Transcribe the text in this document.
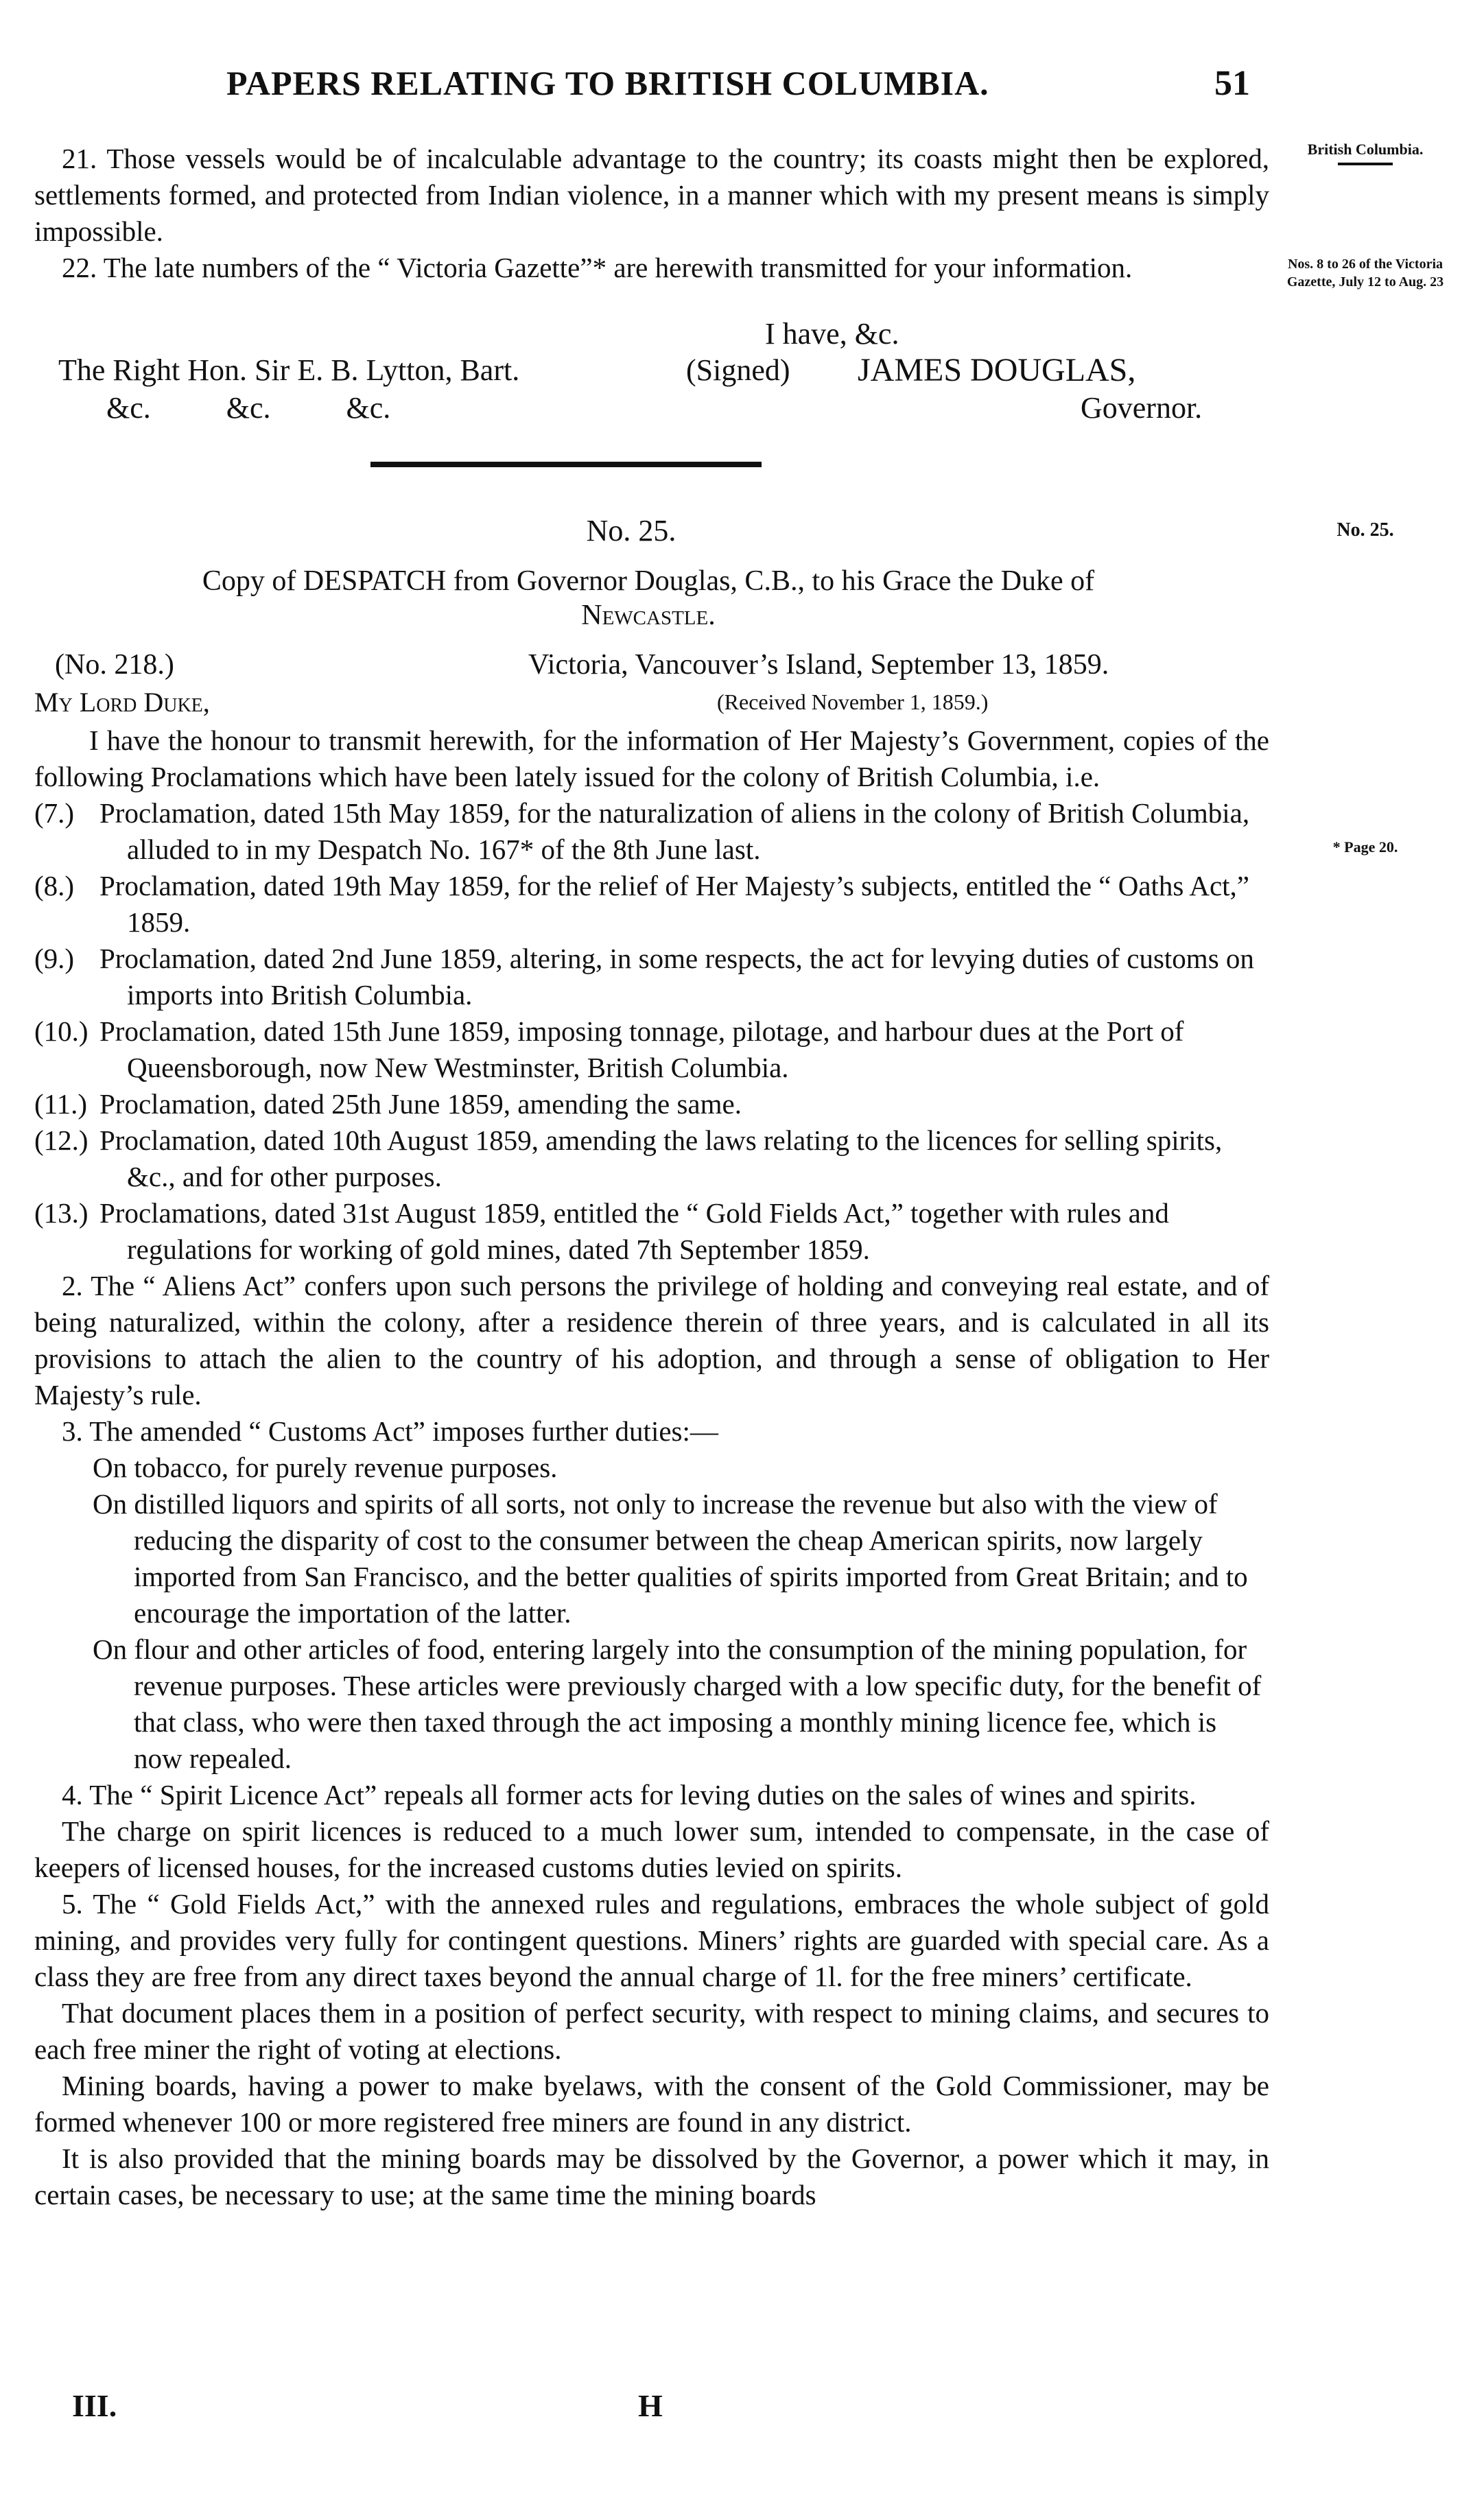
PAPERS RELATING TO BRITISH COLUMBIA.	51
British Columbia.
Nos. 8 to 26 of the Victoria Gazette, July 12 to Aug. 23
No. 25.
* Page 20.

21. Those vessels would be of incalculable advantage to the country; its coasts might then be explored, settlements formed, and protected from Indian violence, in a manner which with my present means is simply impossible.

22. The late numbers of the “ Victoria Gazette”* are herewith transmitted for your information.

I have, &c.
The Right Hon. Sir E. B. Lytton, Bart.	(Signed) JAMES DOUGLAS,
&c.          &c.          &c.	Governor.
No. 25.
Copy of DESPATCH from Governor Douglas, C.B., to his Grace the Duke of
Newcastle.
(No. 218.)	Victoria, Vancouver’s Island, September 13, 1859.
My Lord Duke,	(Received November 1, 1859.)

I have the honour to transmit herewith, for the information of Her Majesty’s Government, copies of the following Proclamations which have been lately issued for the colony of British Columbia, i.e.

(7.) Proclamation, dated 15th May 1859, for the naturalization of aliens in the colony of British Columbia, alluded to in my Despatch No. 167* of the 8th June last.

(8.) Proclamation, dated 19th May 1859, for the relief of Her Majesty’s subjects, entitled the “ Oaths Act,” 1859.

(9.) Proclamation, dated 2nd June 1859, altering, in some respects, the act for levying duties of customs on imports into British Columbia.

(10.) Proclamation, dated 15th June 1859, imposing tonnage, pilotage, and harbour dues at the Port of Queensborough, now New Westminster, British Columbia.

(11.) Proclamation, dated 25th June 1859, amending the same.

(12.) Proclamation, dated 10th August 1859, amending the laws relating to the licences for selling spirits, &c., and for other purposes.

(13.) Proclamations, dated 31st August 1859, entitled the “ Gold Fields Act,” together with rules and regulations for working of gold mines, dated 7th September 1859.

2. The “ Aliens Act” confers upon such persons the privilege of holding and conveying real estate, and of being naturalized, within the colony, after a residence therein of three years, and is calculated in all its provisions to attach the alien to the country of his adoption, and through a sense of obligation to Her Majesty’s rule.

3. The amended “ Customs Act” imposes further duties:—

On tobacco, for purely revenue purposes.

On distilled liquors and spirits of all sorts, not only to increase the revenue but also with the view of reducing the disparity of cost to the consumer between the cheap American spirits, now largely imported from San Francisco, and the better qualities of spirits imported from Great Britain; and to encourage the importation of the latter.

On flour and other articles of food, entering largely into the consumption of the mining population, for revenue purposes. These articles were previously charged with a low specific duty, for the benefit of that class, who were then taxed through the act imposing a monthly mining licence fee, which is now repealed.

4. The “ Spirit Licence Act” repeals all former acts for leving duties on the sales of wines and spirits.

The charge on spirit licences is reduced to a much lower sum, intended to compensate, in the case of keepers of licensed houses, for the increased customs duties levied on spirits.

5. The “ Gold Fields Act,” with the annexed rules and regulations, embraces the whole subject of gold mining, and provides very fully for contingent questions. Miners’ rights are guarded with special care. As a class they are free from any direct taxes beyond the annual charge of 1l. for the free miners’ certificate.

That document places them in a position of perfect security, with respect to mining claims, and secures to each free miner the right of voting at elections.

Mining boards, having a power to make byelaws, with the consent of the Gold Commissioner, may be formed whenever 100 or more registered free miners are found in any district.

It is also provided that the mining boards may be dissolved by the Governor, a power which it may, in certain cases, be necessary to use; at the same time the mining boards

III.	H
